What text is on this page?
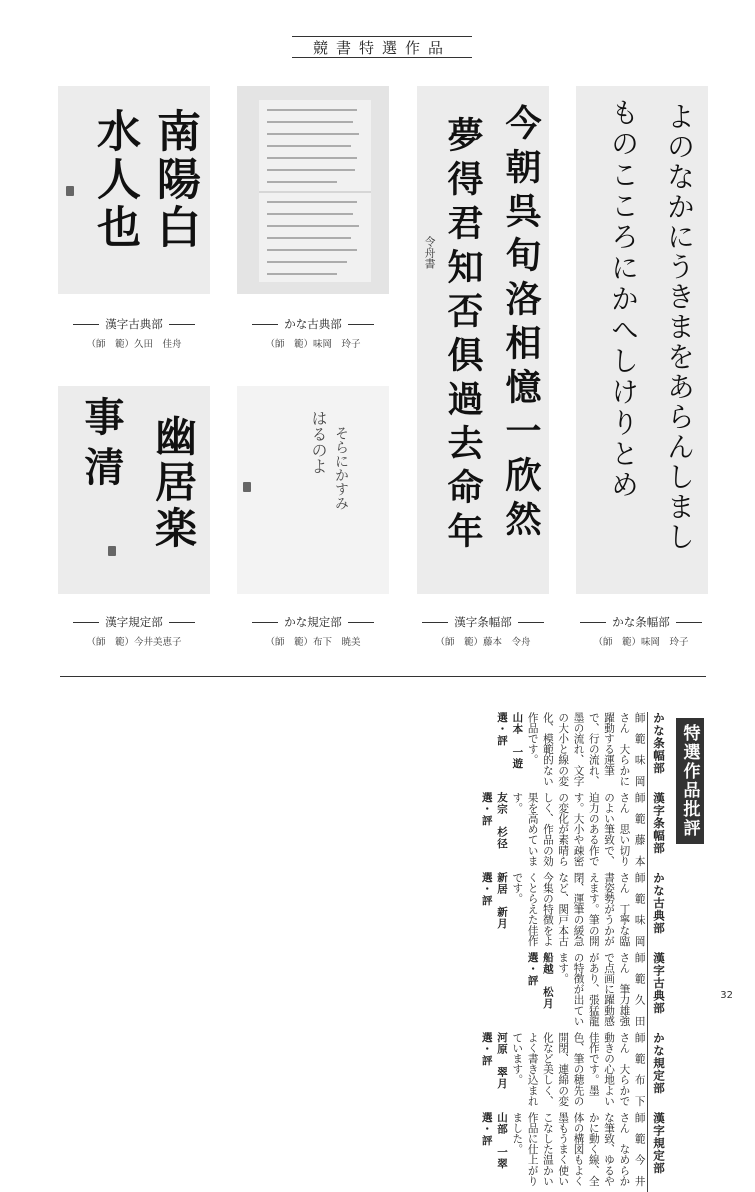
競書特選作品
南陽白
水人也
漢字古典部
（師　範）久田　佳舟
かな古典部
（師　範）味岡　玲子	今朝呉旬洛相憶一欣然
夢得君知否俱過去命年
令舟書
漢字条幅部
（師　範）藤本　令舟
よのなかにうきまをあらんしまし
ものこころにかへしけりとめ
かな条幅部
（師　範）味岡　玲子
幽居楽
事清
漢字規定部
（師　範）今井美恵子
はるのよ そらにかすみ
かな規定部
（師　範）布下　暁美
特選作品批評
かな条幅部
師　範　味　岡さん　大らかに躍動する運筆で、行の流れ、墨の流れ、文字の大小と線の変化、模範的ない作品です。
山本　一遊選・評
漢字条幅部
師　範　藤　本さん　思い切りのよい筆致で、迫力のある作です。大小や疎密の変化が素晴らしく、作品の効果を高めています。
友宗　杉径選・評
かな古典部
師　範　味　岡さん　丁寧な臨書姿勢がうかがえます。筆の開閉、運筆の緩急など、関戸本古今集の特徴をよくとらえた佳作です。
新居　新月選・評
漢字古典部
師　範　久　田さん　筆力雄強で点画に躍動感があり、張猛龍の特徴が出ています。
船越　松月選・評
かな規定部
師　範　布　下さん　大らかで動きの心地よい佳作です。墨色、筆の穂先の開閉、連綿の変化など美しく、よく書き込まれています。
河原　翠月選・評
漢字規定部
師　範　今　井さん　なめらかな筆致、ゆるやかに動く線、全体の構図もよく墨もうまく使いこなした温かい作品に仕上がりました。
山部　一翠選・評
32
